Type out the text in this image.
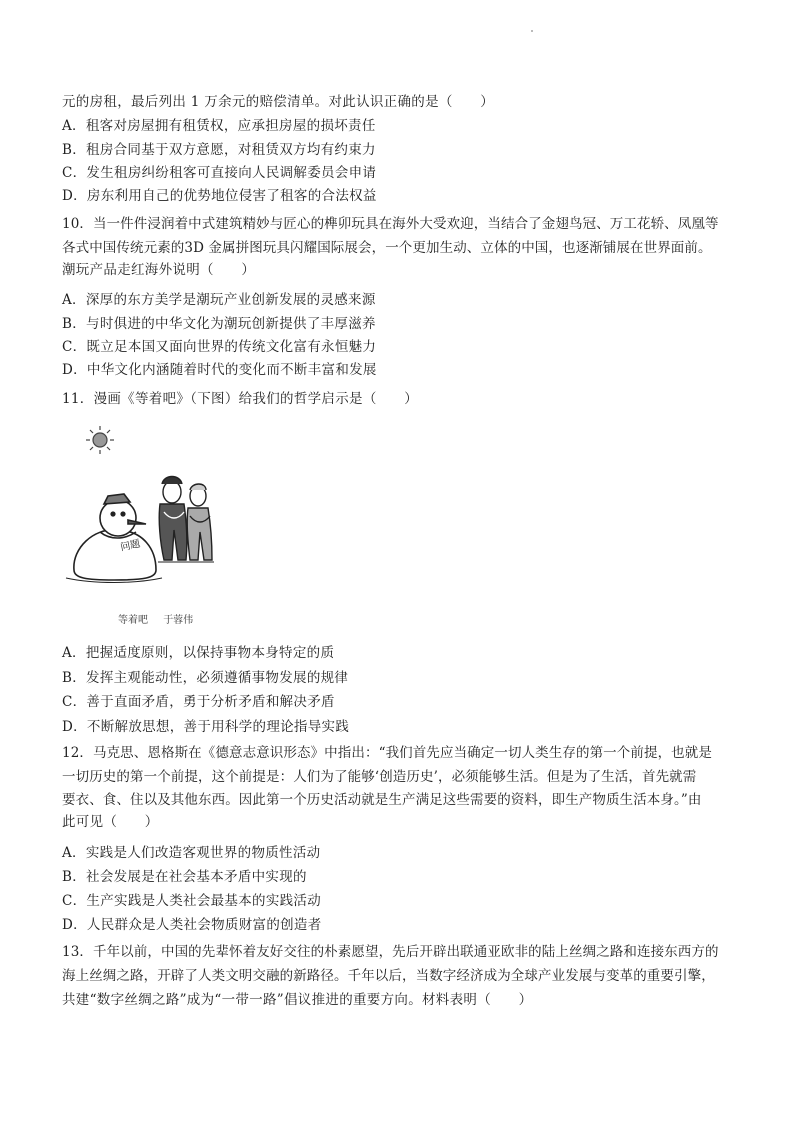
元的房租，最后列出 1 万余元的赔偿清单。对此认识正确的是（　　）
A．租客对房屋拥有租赁权，应承担房屋的损坏责任
B．租房合同基于双方意愿，对租赁双方均有约束力
C．发生租房纠纷租客可直接向人民调解委员会申请
D．房东利用自己的优势地位侵害了租客的合法权益
10．当一件件浸润着中式建筑精妙与匠心的榫卯玩具在海外大受欢迎，当结合了金翅鸟冠、万工花轿、凤凰等
各式中国传统元素的3D 金属拼图玩具闪耀国际展会，一个更加生动、立体的中国，也逐渐铺展在世界面前。
潮玩产品走红海外说明（　　）
A．深厚的东方美学是潮玩产业创新发展的灵感来源
B．与时俱进的中华文化为潮玩创新提供了丰厚滋养
C．既立足本国又面向世界的传统文化富有永恒魅力
D．中华文化内涵随着时代的变化而不断丰富和发展
11．漫画《等着吧》（下图）给我们的哲学启示是（　　）
问题
等着吧 于蓉伟
A．把握适度原则，以保持事物本身特定的质
B．发挥主观能动性，必须遵循事物发展的规律
C．善于直面矛盾，勇于分析矛盾和解决矛盾
D．不断解放思想，善于用科学的理论指导实践
12．马克思、恩格斯在《德意志意识形态》中指出：“我们首先应当确定一切人类生存的第一个前提，也就是
一切历史的第一个前提，这个前提是：人们为了能够‘创造历史’，必须能够生活。但是为了生活，首先就需
要衣、食、住以及其他东西。因此第一个历史活动就是生产满足这些需要的资料，即生产物质生活本身。”由
此可见（　　）
A．实践是人们改造客观世界的物质性活动
B．社会发展是在社会基本矛盾中实现的
C．生产实践是人类社会最基本的实践活动
D．人民群众是人类社会物质财富的创造者
13．千年以前，中国的先辈怀着友好交往的朴素愿望，先后开辟出联通亚欧非的陆上丝绸之路和连接东西方的
海上丝绸之路，开辟了人类文明交融的新路径。千年以后，当数字经济成为全球产业发展与变革的重要引擎，
共建“数字丝绸之路”成为“一带一路”倡议推进的重要方向。材料表明（　　）
